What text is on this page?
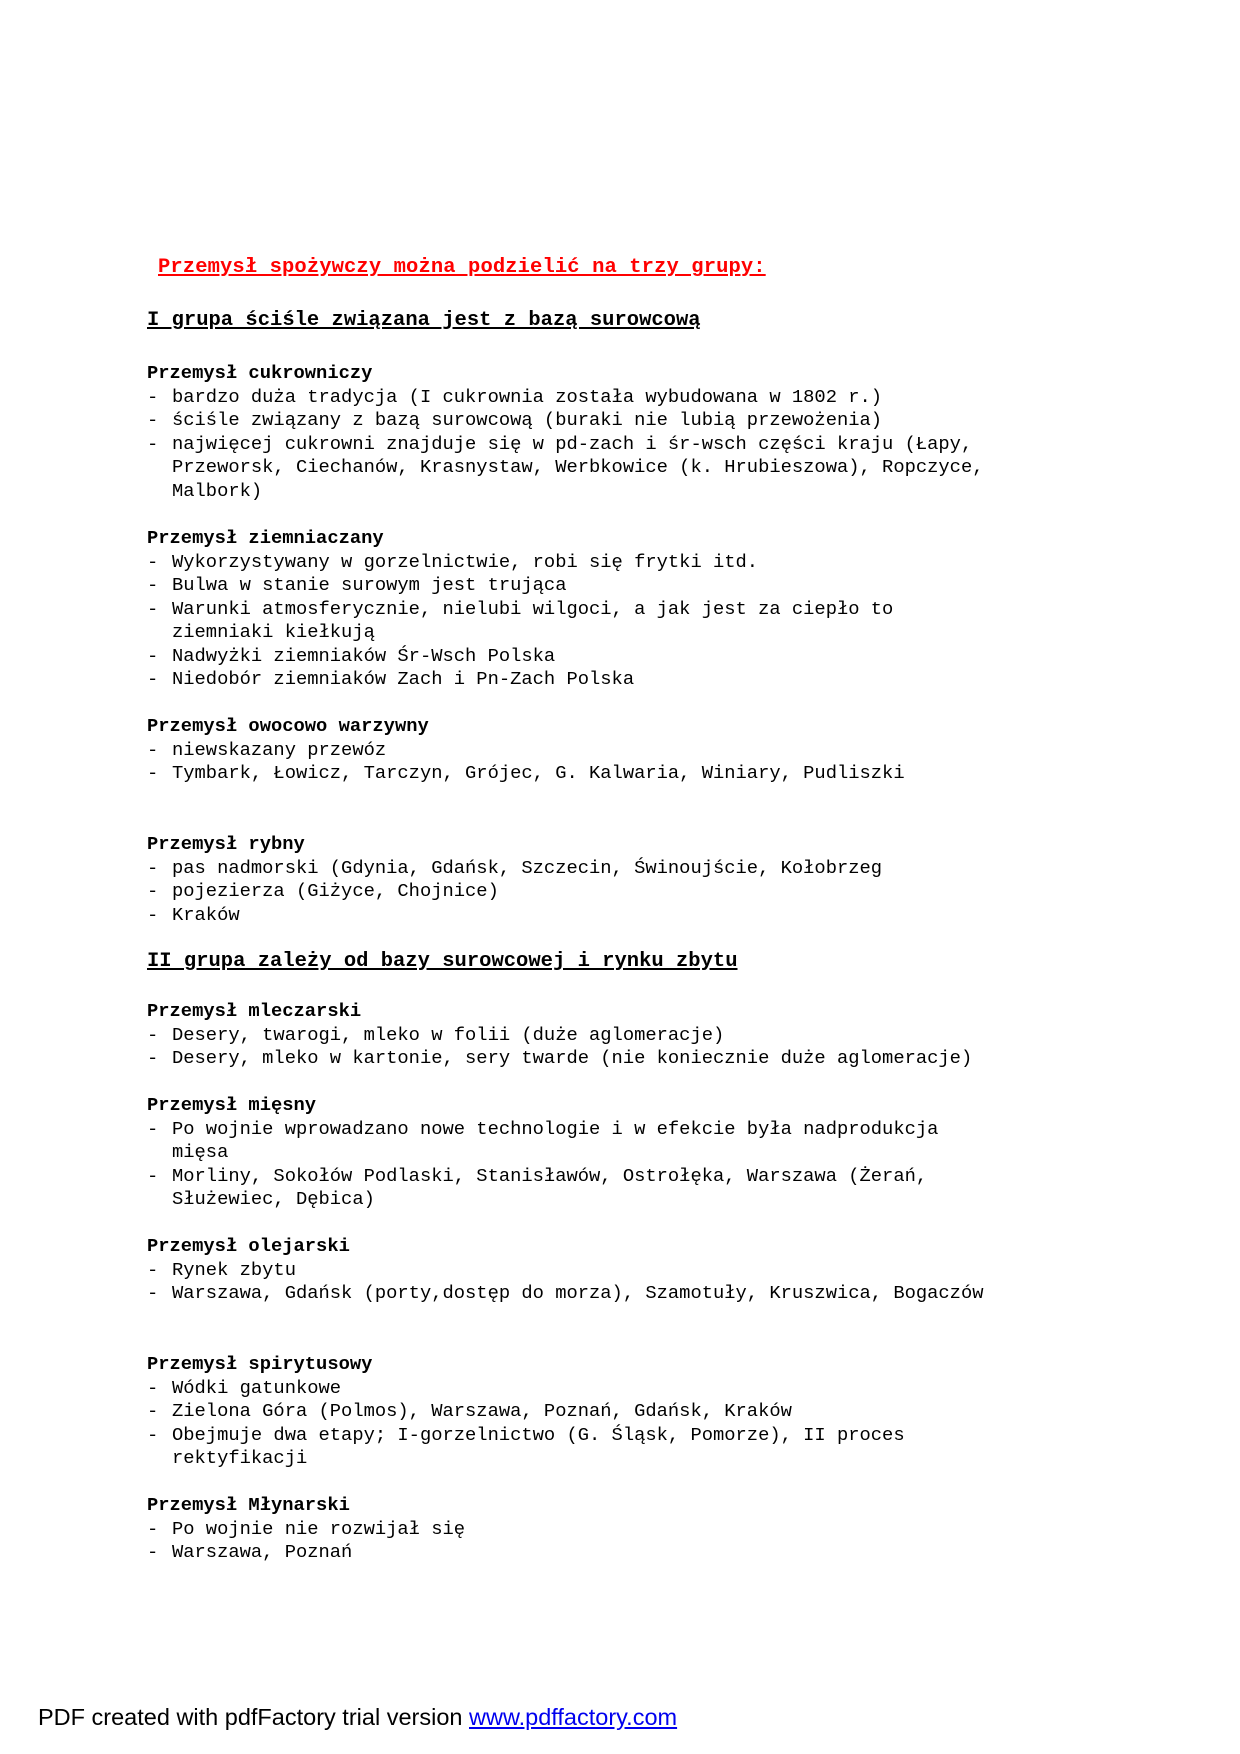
Przemysł spożywczy można podzielić na trzy grupy:
I grupa ściśle związana jest z bazą surowcową
Przemysł cukrowniczy
- bardzo duża tradycja (I cukrownia została wybudowana w 1802 r.)
- ściśle związany z bazą surowcową (buraki nie lubią przewożenia)
- najwięcej cukrowni znajduje się w pd-zach i śr-wsch części kraju (Łapy,
Przeworsk, Ciechanów, Krasnystaw, Werbkowice (k. Hrubieszowa), Ropczyce,
Malbork)
Przemysł ziemniaczany
- Wykorzystywany w gorzelnictwie, robi się frytki itd.
- Bulwa w stanie surowym jest trująca
- Warunki atmosferycznie, nielubi wilgoci, a jak jest za ciepło to
ziemniaki kiełkują
- Nadwyżki ziemniaków Śr-Wsch Polska
- Niedobór ziemniaków Zach i Pn-Zach Polska
Przemysł owocowo warzywny
- niewskazany przewóz
- Tymbark, Łowicz, Tarczyn, Grójec, G. Kalwaria, Winiary, Pudliszki
Przemysł rybny
- pas nadmorski (Gdynia, Gdańsk, Szczecin, Świnoujście, Kołobrzeg
- pojezierza (Giżyce, Chojnice)
- Kraków
II grupa zależy od bazy surowcowej i rynku zbytu
Przemysł mleczarski
- Desery, twarogi, mleko w folii (duże aglomeracje)
- Desery, mleko w kartonie, sery twarde (nie koniecznie duże aglomeracje)
Przemysł mięsny
- Po wojnie wprowadzano nowe technologie i w efekcie była nadprodukcja
mięsa
- Morliny, Sokołów Podlaski, Stanisławów, Ostrołęka, Warszawa (Żerań,
Służewiec, Dębica)
Przemysł olejarski
- Rynek zbytu
- Warszawa, Gdańsk (porty,dostęp do morza), Szamotuły, Kruszwica, Bogaczów
Przemysł spirytusowy
- Wódki gatunkowe
- Zielona Góra (Polmos), Warszawa, Poznań, Gdańsk, Kraków
- Obejmuje dwa etapy; I-gorzelnictwo (G. Śląsk, Pomorze), II proces
rektyfikacji
Przemysł Młynarski
- Po wojnie nie rozwijał się
- Warszawa, Poznań
PDF created with pdfFactory trial version www.pdffactory.com
